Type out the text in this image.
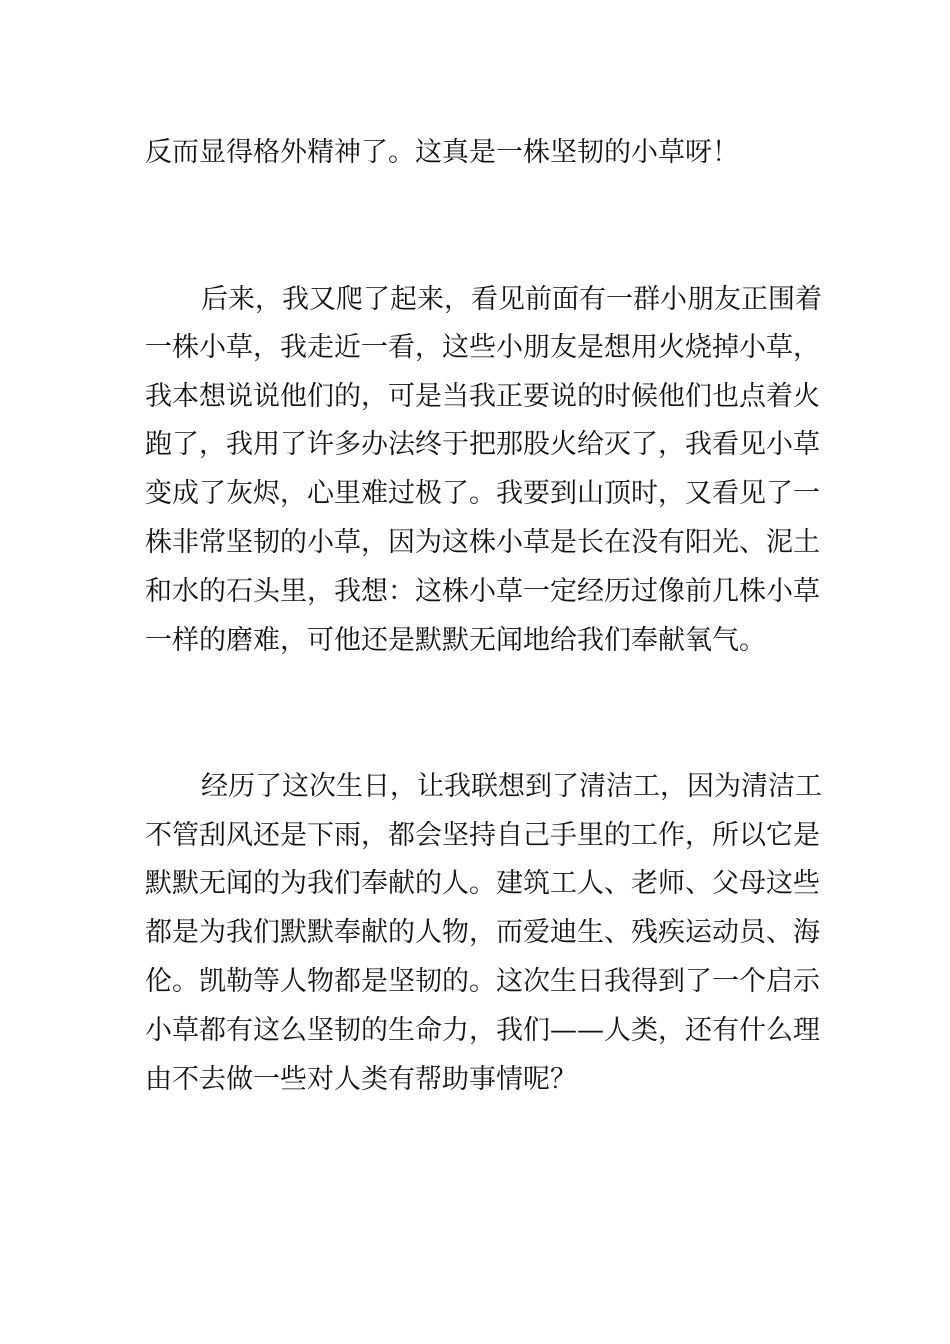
反而显得格外精神了。这真是一株坚韧的小草呀！
后来，我又爬了起来，看见前面有一群小朋友正围着
一株小草，我走近一看，这些小朋友是想用火烧掉小草，
我本想说说他们的，可是当我正要说的时候他们也点着火
跑了，我用了许多办法终于把那股火给灭了，我看见小草
变成了灰烬，心里难过极了。我要到山顶时，又看见了一
株非常坚韧的小草，因为这株小草是长在没有阳光、泥土
和水的石头里，我想：这株小草一定经历过像前几株小草
一样的磨难，可他还是默默无闻地给我们奉献氧气。
经历了这次生日，让我联想到了清洁工，因为清洁工
不管刮风还是下雨，都会坚持自己手里的工作，所以它是
默默无闻的为我们奉献的人。建筑工人、老师、父母这些
都是为我们默默奉献的人物，而爱迪生、残疾运动员、海
伦。凯勒等人物都是坚韧的。这次生日我得到了一个启示
小草都有这么坚韧的生命力，我们——人类，还有什么理
由不去做一些对人类有帮助事情呢？
